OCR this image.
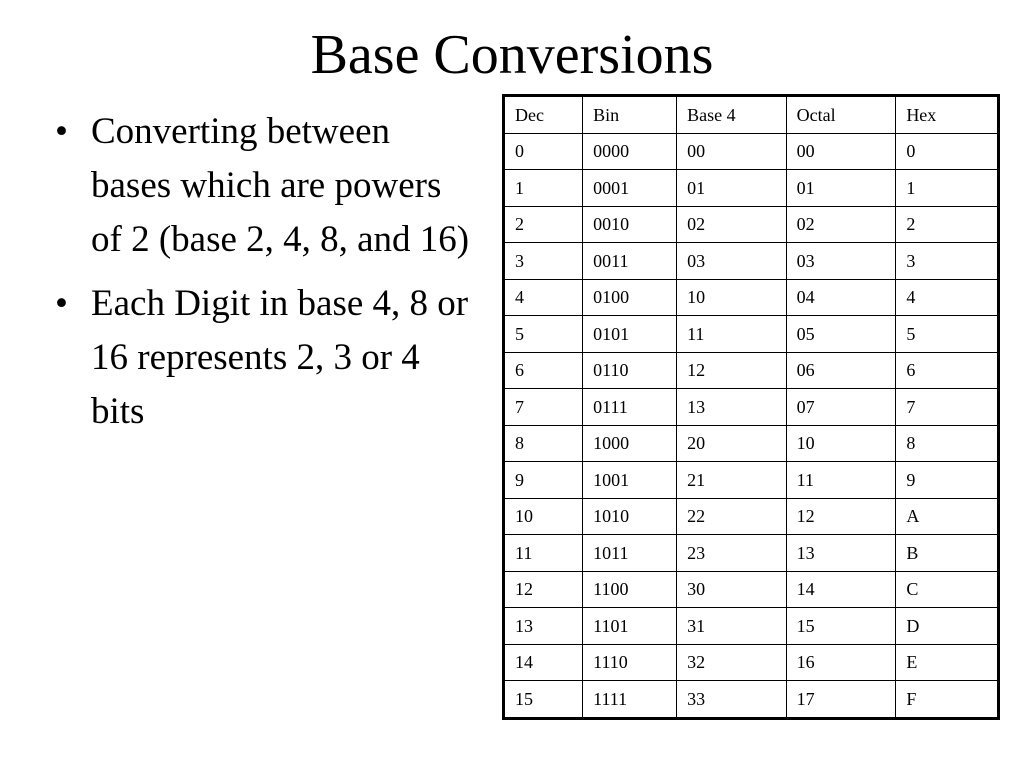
Base Conversions
• Converting between bases which are powers of 2 (base 2, 4, 8, and 16)
• Each Digit in base 4, 8 or 16 represents 2, 3 or 4 bits
Dec	Bin	Base 4	Octal	Hex
0	0000	00	00	0
1	0001	01	01	1
2	0010	02	02	2
3	0011	03	03	3
4	0100	10	04	4
5	0101	11	05	5
6	0110	12	06	6
7	0111	13	07	7
8	1000	20	10	8
9	1001	21	11	9
10	1010	22	12	A
11	1011	23	13	B
12	1100	30	14	C
13	1101	31	15	D
14	1110	32	16	E
15	1111	33	17	F
